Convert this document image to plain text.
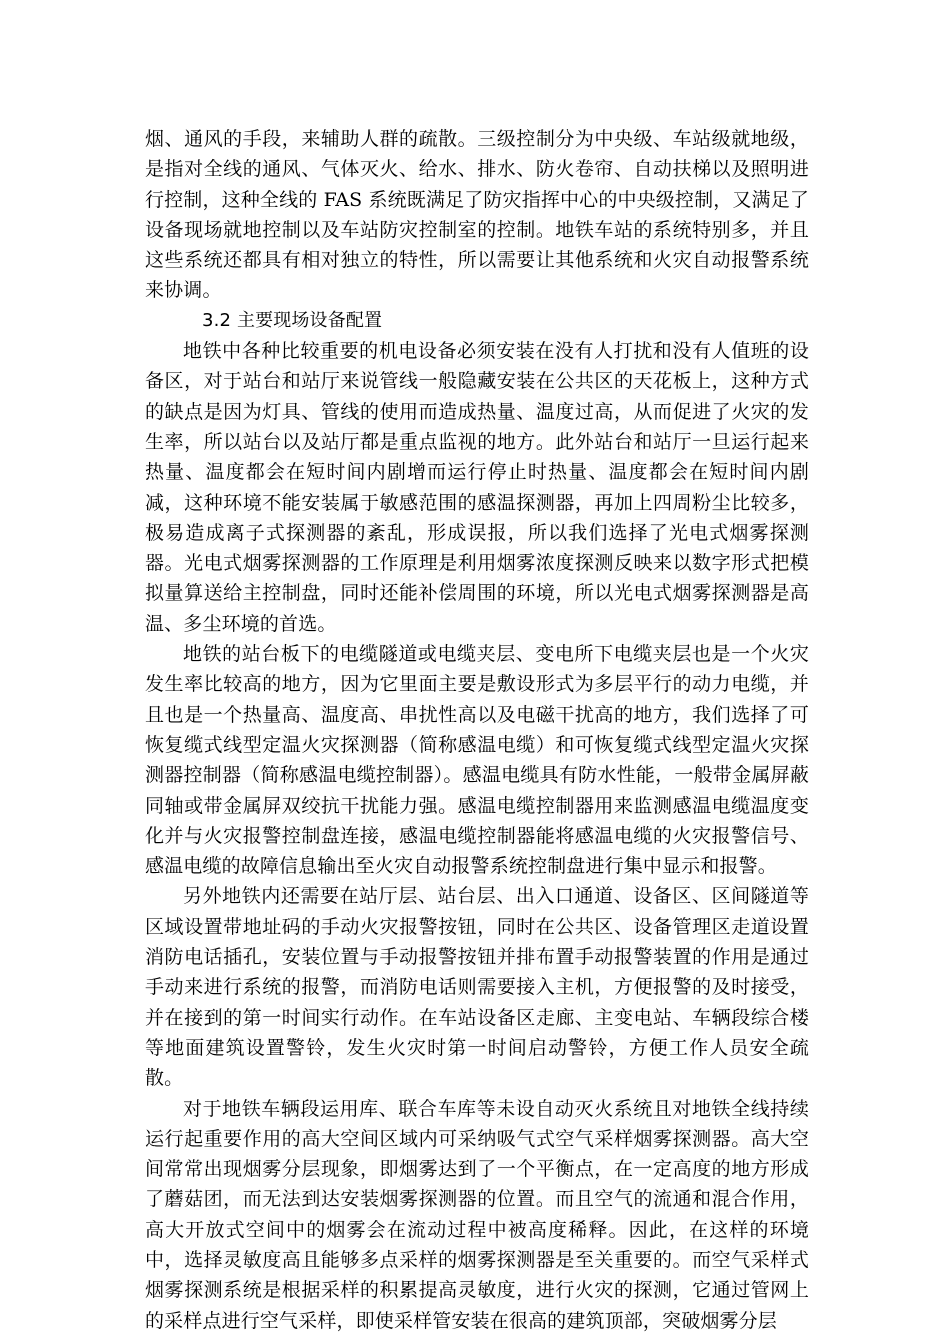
烟、通风的手段，来辅助人群的疏散。三级控制分为中央级、车站级就地级，是指对全线的通风、气体灭火、给水、排水、防火卷帘、自动扶梯以及照明进行控制，这种全线的 FAS 系统既满足了防灾指挥中心的中央级控制，又满足了设备现场就地控制以及车站防灾控制室的控制。地铁车站的系统特别多，并且这些系统还都具有相对独立的特性，所以需要让其他系统和火灾自动报警系统来协调。

3.2 主要现场设备配置

地铁中各种比较重要的机电设备必须安装在没有人打扰和没有人值班的设备区，对于站台和站厅来说管线一般隐藏安装在公共区的天花板上，这种方式的缺点是因为灯具、管线的使用而造成热量、温度过高，从而促进了火灾的发生率，所以站台以及站厅都是重点监视的地方。此外站台和站厅一旦运行起来热量、温度都会在短时间内剧增而运行停止时热量、温度都会在短时间内剧减，这种环境不能安装属于敏感范围的感温探测器，再加上四周粉尘比较多，极易造成离子式探测器的紊乱，形成误报，所以我们选择了光电式烟雾探测器。光电式烟雾探测器的工作原理是利用烟雾浓度探测反映来以数字形式把模拟量算送给主控制盘，同时还能补偿周围的环境，所以光电式烟雾探测器是高温、多尘环境的首选。

地铁的站台板下的电缆隧道或电缆夹层、变电所下电缆夹层也是一个火灾发生率比较高的地方，因为它里面主要是敷设形式为多层平行的动力电缆，并且也是一个热量高、温度高、串扰性高以及电磁干扰高的地方，我们选择了可恢复缆式线型定温火灾探测器（简称感温电缆）和可恢复缆式线型定温火灾探测器控制器（简称感温电缆控制器）。感温电缆具有防水性能，一般带金属屏蔽同轴或带金属屏双绞抗干扰能力强。感温电缆控制器用来监测感温电缆温度变化并与火灾报警控制盘连接，感温电缆控制器能将感温电缆的火灾报警信号、感温电缆的故障信息输出至火灾自动报警系统控制盘进行集中显示和报警。

另外地铁内还需要在站厅层、站台层、出入口通道、设备区、区间隧道等区域设置带地址码的手动火灾报警按钮，同时在公共区、设备管理区走道设置消防电话插孔，安装位置与手动报警按钮并排布置手动报警装置的作用是通过手动来进行系统的报警，而消防电话则需要接入主机，方便报警的及时接受，并在接到的第一时间实行动作。在车站设备区走廊、主变电站、车辆段综合楼等地面建筑设置警铃，发生火灾时第一时间启动警铃，方便工作人员安全疏散。

对于地铁车辆段运用库、联合车库等未设自动灭火系统且对地铁全线持续运行起重要作用的高大空间区域内可采纳吸气式空气采样烟雾探测器。高大空间常常出现烟雾分层现象，即烟雾达到了一个平衡点，在一定高度的地方形成了蘑菇团，而无法到达安装烟雾探测器的位置。而且空气的流通和混合作用，高大开放式空间中的烟雾会在流动过程中被高度稀释。因此，在这样的环境中，选择灵敏度高且能够多点采样的烟雾探测器是至关重要的。而空气采样式烟雾探测系统是根据采样的积累提高灵敏度，进行火灾的探测，它通过管网上的采样点进行空气采样，即使采样管安装在很高的建筑顶部，突破烟雾分层
